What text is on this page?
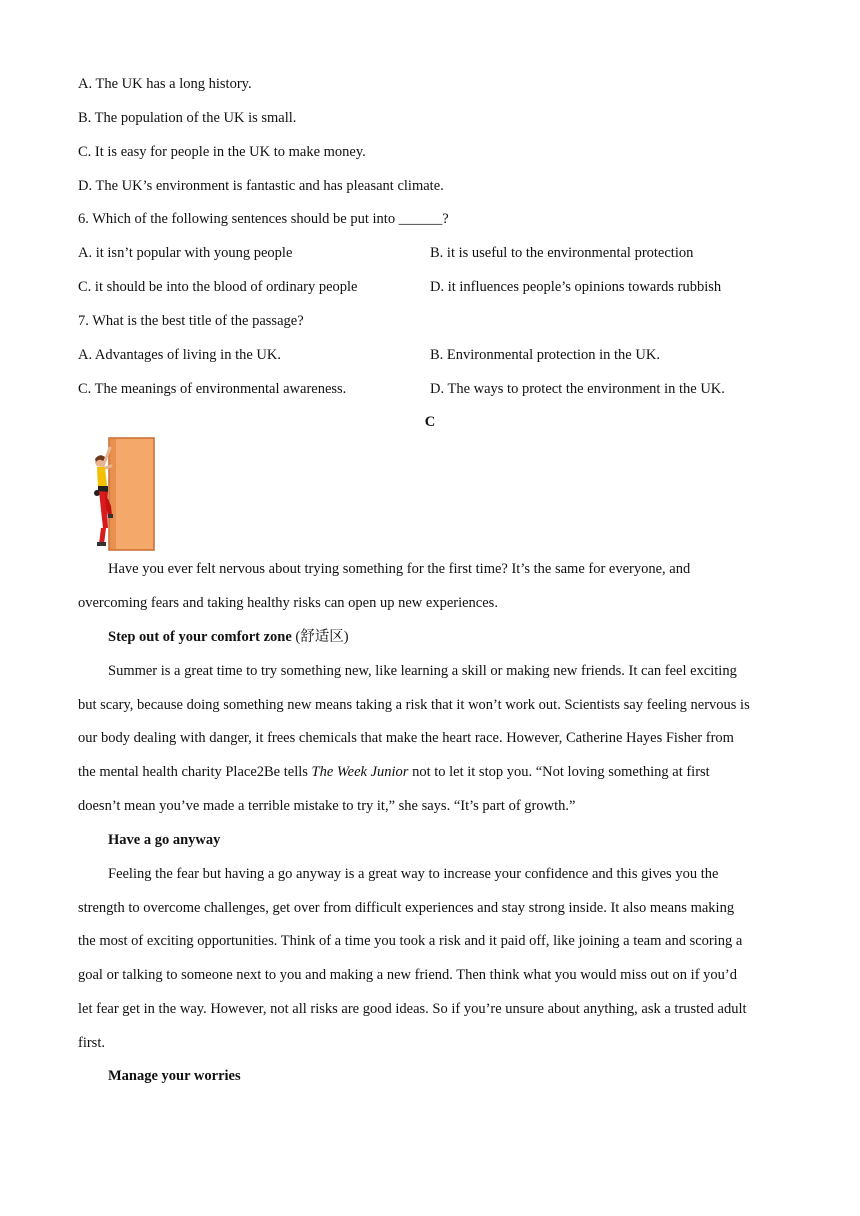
A. The UK has a long history.
B. The population of the UK is small.
C. It is easy for people in the UK to make money.
D. The UK’s environment is fantastic and has pleasant climate.
6. Which of the following sentences should be put into ______?
A. it isn’t popular with young people	B. it is useful to the environmental protection
C. it should be into the blood of ordinary people	D. it influences people’s opinions towards rubbish
7. What is the best title of the passage?
A. Advantages of living in the UK.	B. Environmental protection in the UK.
C. The meanings of environmental awareness.	D. The ways to protect the environment in the UK.
C
Have you ever felt nervous about trying something for the first time? It’s the same for everyone, and
overcoming fears and taking healthy risks can open up new experiences.
Step out of your comfort zone (舒适区)
Summer is a great time to try something new, like learning a skill or making new friends. It can feel exciting
but scary, because doing something new means taking a risk that it won’t work out. Scientists say feeling nervous is
our body dealing with danger, it frees chemicals that make the heart race. However, Catherine Hayes Fisher from
the mental health charity Place2Be tells The Week Junior not to let it stop you. “Not loving something at first
doesn’t mean you’ve made a terrible mistake to try it,” she says. “It’s part of growth.”
Have a go anyway
Feeling the fear but having a go anyway is a great way to increase your confidence and this gives you the
strength to overcome challenges, get over from difficult experiences and stay strong inside. It also means making
the most of exciting opportunities. Think of a time you took a risk and it paid off, like joining a team and scoring a
goal or talking to someone next to you and making a new friend. Then think what you would miss out on if you’d
let fear get in the way. However, not all risks are good ideas. So if you’re unsure about anything, ask a trusted adult
first.
Manage your worries
